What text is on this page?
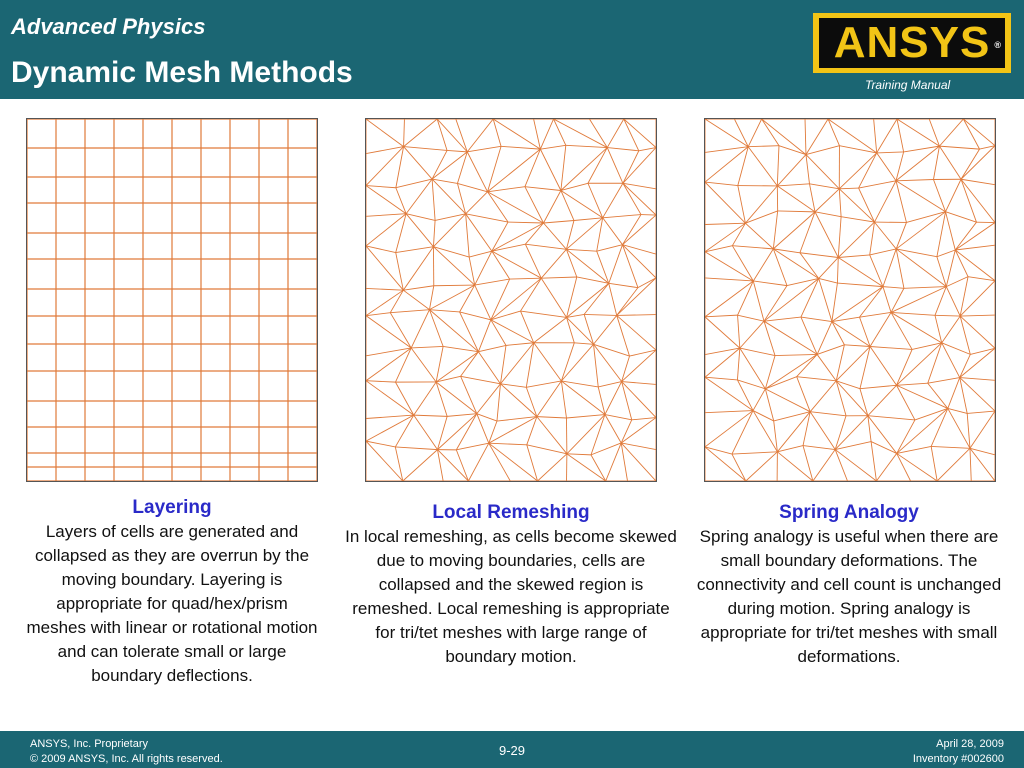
Advanced Physics
Dynamic Mesh Methods
ANSYS ®
Training Manual
Layering
Layers of cells are generated and collapsed as they are overrun by the moving boundary. Layering is appropriate for quad/hex/prism meshes with linear or rotational motion and can tolerate small or large boundary deflections.
Local Remeshing
In local remeshing, as cells become skewed due to moving boundaries, cells are collapsed and the skewed region is remeshed. Local remeshing is appropriate for tri/tet meshes with large range of boundary motion.
Spring Analogy
Spring analogy is useful when there are small boundary deformations. The connectivity and cell count is unchanged during motion. Spring analogy is appropriate for tri/tet meshes with small deformations.
ANSYS, Inc. Proprietary
© 2009 ANSYS, Inc. All rights reserved.
9-29	April 28, 2009
Inventory #002600
